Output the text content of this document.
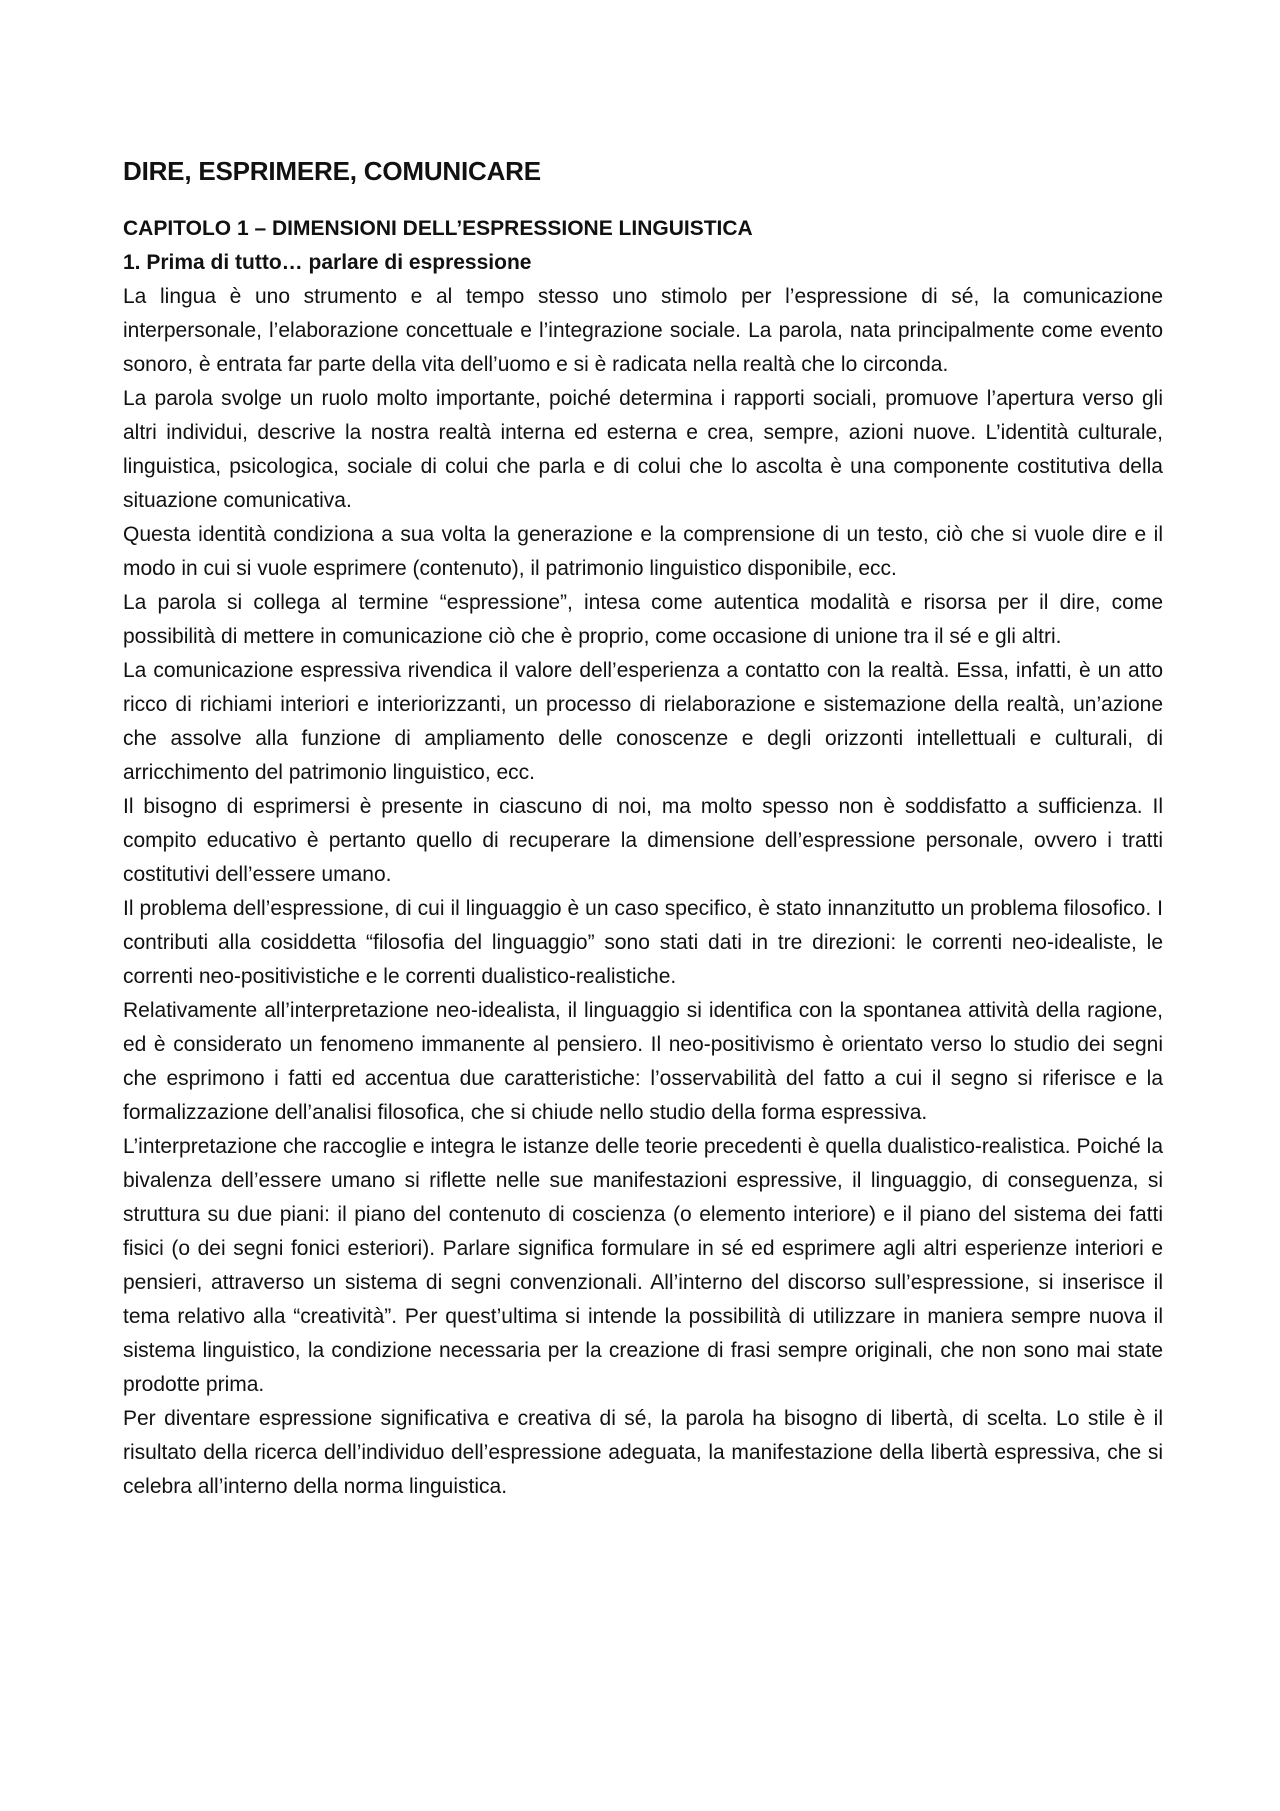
DIRE, ESPRIMERE, COMUNICARE
CAPITOLO 1 – DIMENSIONI DELL’ESPRESSIONE LINGUISTICA
1. Prima di tutto… parlare di espressione

La lingua è uno strumento e al tempo stesso uno stimolo per l’espressione di sé, la comunicazione interpersonale, l’elaborazione concettuale e l’integrazione sociale. La parola, nata principalmente come evento sonoro, è entrata far parte della vita dell’uomo e si è radicata nella realtà che lo circonda.

La parola svolge un ruolo molto importante, poiché determina i rapporti sociali, promuove l’apertura verso gli altri individui, descrive la nostra realtà interna ed esterna e crea, sempre, azioni nuove. L’identità culturale, linguistica, psicologica, sociale di colui che parla e di colui che lo ascolta è una componente costitutiva della situazione comunicativa.

Questa identità condiziona a sua volta la generazione e la comprensione di un testo, ciò che si vuole dire e il modo in cui si vuole esprimere (contenuto), il patrimonio linguistico disponibile, ecc.

La parola si collega al termine “espressione”, intesa come autentica modalità e risorsa per il dire, come possibilità di mettere in comunicazione ciò che è proprio, come occasione di unione tra il sé e gli altri.

La comunicazione espressiva rivendica il valore dell’esperienza a contatto con la realtà. Essa, infatti, è un atto ricco di richiami interiori e interiorizzanti, un processo di rielaborazione e sistemazione della realtà, un’azione che assolve alla funzione di ampliamento delle conoscenze e degli orizzonti intellettuali e culturali, di arricchimento del patrimonio linguistico, ecc.

Il bisogno di esprimersi è presente in ciascuno di noi, ma molto spesso non è soddisfatto a sufficienza. Il compito educativo è pertanto quello di recuperare la dimensione dell’espressione personale, ovvero i tratti costitutivi dell’essere umano.

Il problema dell’espressione, di cui il linguaggio è un caso specifico, è stato innanzitutto un problema filosofico. I contributi alla cosiddetta “filosofia del linguaggio” sono stati dati in tre direzioni: le correnti neo-idealiste, le correnti neo-positivistiche e le correnti dualistico-realistiche.

Relativamente all’interpretazione neo-idealista, il linguaggio si identifica con la spontanea attività della ragione, ed è considerato un fenomeno immanente al pensiero. Il neo-positivismo è orientato verso lo studio dei segni che esprimono i fatti ed accentua due caratteristiche: l’osservabilità del fatto a cui il segno si riferisce e la formalizzazione dell’analisi filosofica, che si chiude nello studio della forma espressiva.

L’interpretazione che raccoglie e integra le istanze delle teorie precedenti è quella dualistico-realistica. Poiché la bivalenza dell’essere umano si riflette nelle sue manifestazioni espressive, il linguaggio, di conseguenza, si struttura su due piani: il piano del contenuto di coscienza (o elemento interiore) e il piano del sistema dei fatti fisici (o dei segni fonici esteriori). Parlare significa formulare in sé ed esprimere agli altri esperienze interiori e pensieri, attraverso un sistema di segni convenzionali. All’interno del discorso sull’espressione, si inserisce il tema relativo alla “creatività”. Per quest’ultima si intende la possibilità di utilizzare in maniera sempre nuova il sistema linguistico, la condizione necessaria per la creazione di frasi sempre originali, che non sono mai state prodotte prima.

Per diventare espressione significativa e creativa di sé, la parola ha bisogno di libertà, di scelta. Lo stile è il risultato della ricerca dell’individuo dell’espressione adeguata, la manifestazione della libertà espressiva, che si celebra all’interno della norma linguistica.
